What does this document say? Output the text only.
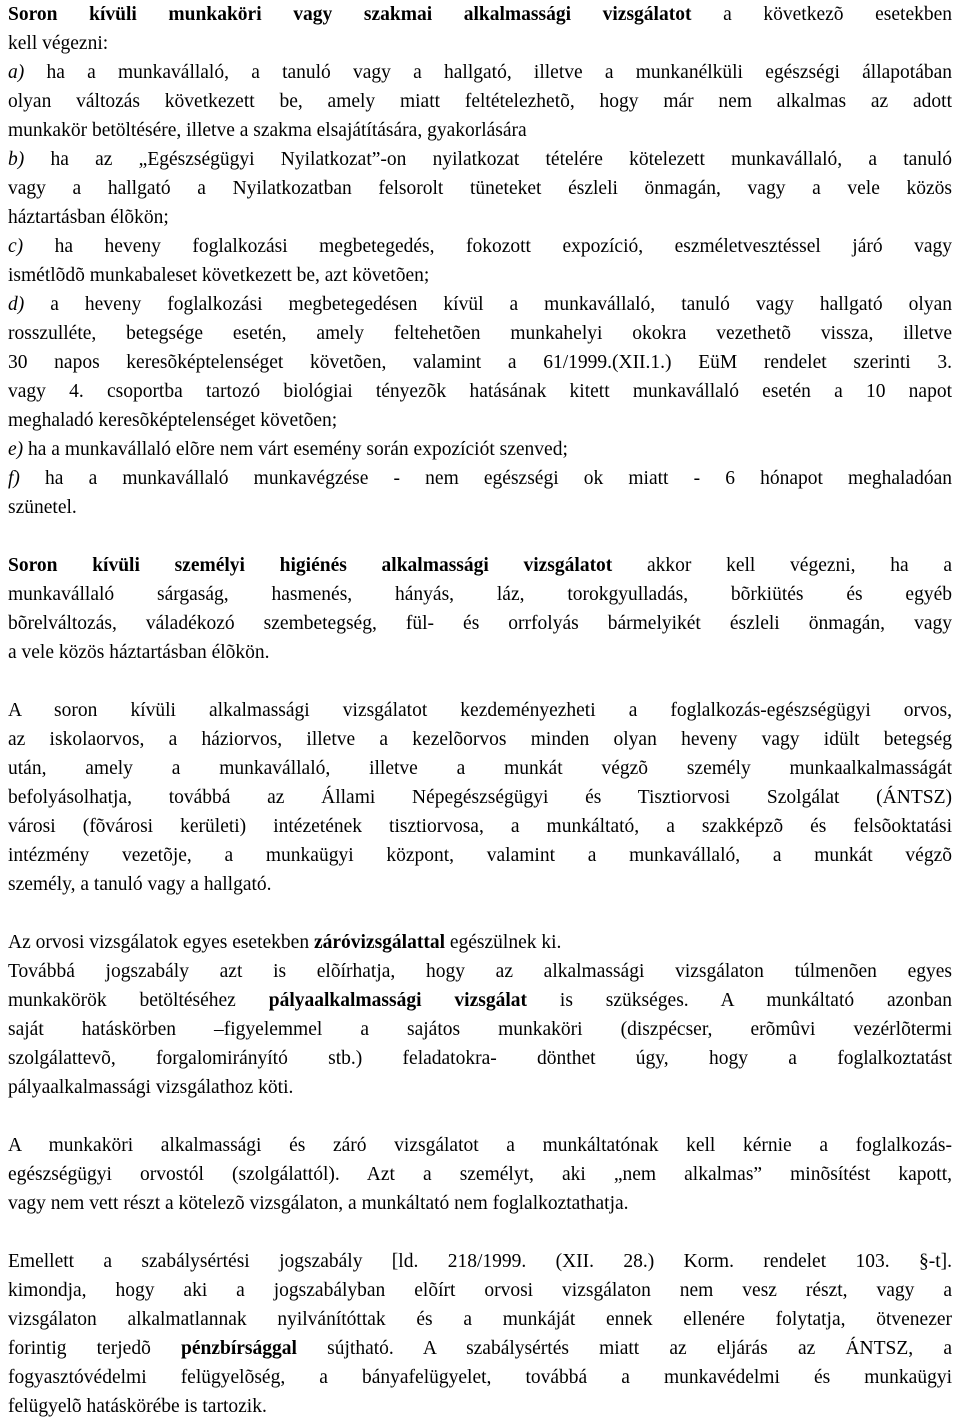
Soron kívüli munkaköri vagy szakmai alkalmassági vizsgálatot a következõ esetekben
kell végezni:
a) ha a munkavállaló, a tanuló vagy a hallgató, illetve a munkanélküli egészségi állapotában
olyan változás következett be, amely miatt feltételezhetõ, hogy már nem alkalmas az adott
munkakör betöltésére, illetve a szakma elsajátítására, gyakorlására
b) ha az „Egészségügyi Nyilatkozat”-on nyilatkozat tételére kötelezett munkavállaló, a tanuló
vagy a hallgató a Nyilatkozatban felsorolt tüneteket észleli önmagán, vagy a vele közös
háztartásban élõkön;
c) ha heveny foglalkozási megbetegedés, fokozott expozíció, eszméletvesztéssel járó vagy
ismétlõdõ munkabaleset következett be, azt követõen;
d) a heveny foglalkozási megbetegedésen kívül a munkavállaló, tanuló vagy hallgató olyan
rosszulléte, betegsége esetén, amely feltehetõen munkahelyi okokra vezethetõ vissza, illetve
30 napos keresõképtelenséget követõen, valamint a 61/1999.(XII.1.) EüM rendelet szerinti 3.
vagy 4. csoportba tartozó biológiai tényezõk hatásának kitett munkavállaló esetén a 10 napot
meghaladó keresõképtelenséget követõen;
e) ha a munkavállaló elõre nem várt esemény során expozíciót szenved;
f) ha a munkavállaló munkavégzése - nem egészségi ok miatt - 6 hónapot meghaladóan
szünetel.
Soron kívüli személyi higiénés alkalmassági vizsgálatot akkor kell végezni, ha a
munkavállaló sárgaság, hasmenés, hányás, láz, torokgyulladás, bõrkiütés és egyéb
bõrelváltozás, váladékozó szembetegség, fül- és orrfolyás bármelyikét észleli önmagán, vagy
a vele közös háztartásban élõkön.
A soron kívüli alkalmassági vizsgálatot kezdeményezheti a foglalkozás-egészségügyi orvos,
az iskolaorvos, a háziorvos, illetve a kezelõorvos minden olyan heveny vagy idült betegség
után, amely a munkavállaló, illetve a munkát végzõ személy munkaalkalmasságát
befolyásolhatja, továbbá az Állami Népegészségügyi és Tisztiorvosi Szolgálat (ÁNTSZ)
városi (fõvárosi kerületi) intézetének tisztiorvosa, a munkáltató, a szakképzõ és felsõoktatási
intézmény vezetõje, a munkaügyi központ, valamint a munkavállaló, a munkát végzõ
személy, a tanuló vagy a hallgató.
Az orvosi vizsgálatok egyes esetekben záróvizsgálattal egészülnek ki.
Továbbá jogszabály azt is elõírhatja, hogy az alkalmassági vizsgálaton túlmenõen egyes
munkakörök betöltéséhez pályaalkalmassági vizsgálat is szükséges. A munkáltató azonban
saját hatáskörben –figyelemmel a sajátos munkaköri (diszpécser, erõmûvi vezérlõtermi
szolgálattevõ, forgalomirányító stb.) feladatokra- dönthet úgy, hogy a foglalkoztatást
pályaalkalmassági vizsgálathoz köti.
A munkaköri alkalmassági és záró vizsgálatot a munkáltatónak kell kérnie a foglalkozás-
egészségügyi orvostól (szolgálattól). Azt a személyt, aki „nem alkalmas” minõsítést kapott,
vagy nem vett részt a kötelezõ vizsgálaton, a munkáltató nem foglalkoztathatja.
Emellett a szabálysértési jogszabály [ld. 218/1999. (XII. 28.) Korm. rendelet 103. §-t].
kimondja, hogy aki a jogszabályban elõírt orvosi vizsgálaton nem vesz részt, vagy a
vizsgálaton alkalmatlannak nyilvánítóttak és a munkáját ennek ellenére folytatja, ötvenezer
forintig terjedõ pénzbírsággal sújtható. A szabálysértés miatt az eljárás az ÁNTSZ, a
fogyasztóvédelmi felügyelõség, a bányafelügyelet, továbbá a munkavédelmi és munkaügyi
felügyelõ hatáskörébe is tartozik.
